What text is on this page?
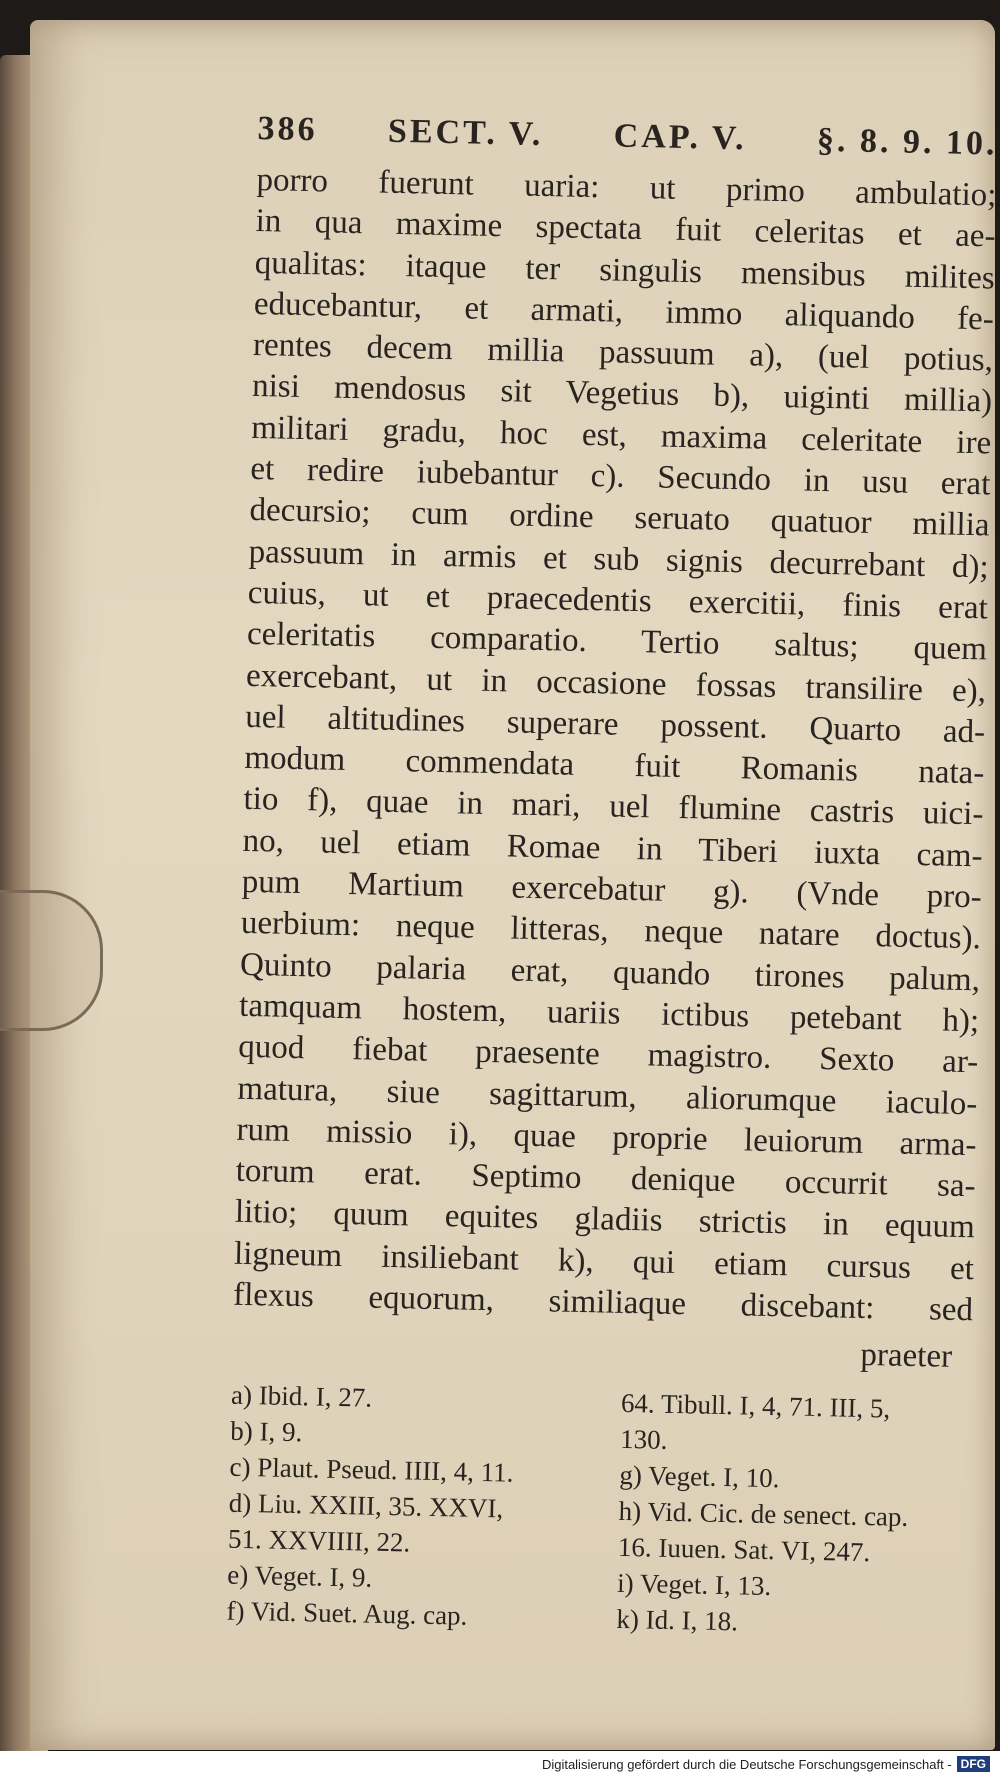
386 SECT. V. CAP. V. §. 8. 9. 10.
porro fuerunt uaria: ut primo ambulatio;
in qua maxime spectata fuit celeritas et ae-
qualitas: itaque ter singulis mensibus milites
educebantur, et armati, immo aliquando fe-
rentes decem millia passuum a), (uel potius,
nisi mendosus sit Vegetius b), uiginti millia)
militari gradu, hoc est, maxima celeritate ire
et redire iubebantur c). Secundo in usu erat
decursio; cum ordine seruato quatuor millia
passuum in armis et sub signis decurrebant d);
cuius, ut et praecedentis exercitii, finis erat
celeritatis comparatio. Tertio saltus; quem
exercebant, ut in occasione fossas transilire e),
uel altitudines superare possent. Quarto ad-
modum commendata fuit Romanis nata-
tio f), quae in mari, uel flumine castris uici-
no, uel etiam Romae in Tiberi iuxta cam-
pum Martium exercebatur g). (Vnde pro-
uerbium: neque litteras, neque natare doctus).
Quinto palaria erat, quando tirones palum,
tamquam hostem, uariis ictibus petebant h);
quod fiebat praesente magistro. Sexto ar-
matura, siue sagittarum, aliorumque iaculo-
rum missio i), quae proprie leuiorum arma-
torum erat. Septimo denique occurrit sa-
litio; quum equites gladiis strictis in equum
ligneum insiliebant k), qui etiam cursus et
flexus equorum, similiaque discebant: sed
praeter
a) Ibid. I, 27.
b) I, 9.
c) Plaut. Pseud. IIII, 4, 11.
d) Liu. XXIII, 35. XXVI,
51. XXVIIII, 22.
e) Veget. I, 9.
f) Vid. Suet. Aug. cap.
64. Tibull. I, 4, 71. III, 5,
130.
g) Veget. I, 10.
h) Vid. Cic. de senect. cap.
16. Iuuen. Sat. VI, 247.
i) Veget. I, 13.
k) Id. I, 18.
Digitalisierung gefördert durch die Deutsche Forschungsgemeinschaft - DFG
